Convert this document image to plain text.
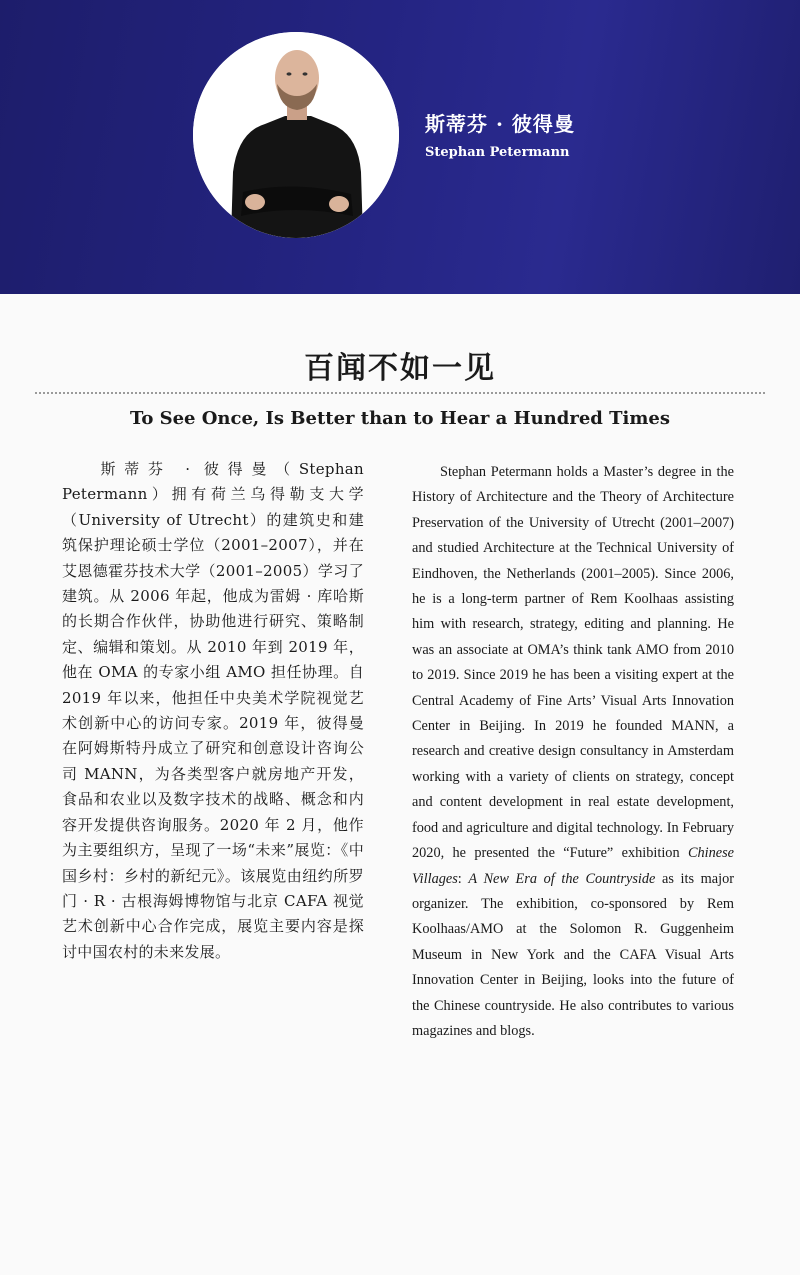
斯蒂芬 · 彼得曼
Stephan Petermann
百闻不如一见
To See Once, Is Better than to Hear a Hundred Times
斯蒂芬 · 彼得曼（Stephan Petermann）拥有荷兰乌得勒支大学（University of Utrecht）的建筑史和建筑保护理论硕士学位（2001–2007），并在艾恩德霍芬技术大学（2001–2005）学习了建筑。从 2006 年起，他成为雷姆 · 库哈斯的长期合作伙伴，协助他进行研究、策略制定、编辑和策划。从 2010 年到 2019 年，他在 OMA 的专家小组 AMO 担任协理。自 2019 年以来，他担任中央美术学院视觉艺术创新中心的访问专家。2019 年，彼得曼在阿姆斯特丹成立了研究和创意设计咨询公司 MANN，为各类型客户就房地产开发，食品和农业以及数字技术的战略、概念和内容开发提供咨询服务。2020 年 2 月，他作为主要组织方，呈现了一场“未来”展览：《中国乡村：乡村的新纪元》。该展览由纽约所罗门 · R · 古根海姆博物馆与北京 CAFA 视觉艺术创新中心合作完成，展览主要内容是探讨中国农村的未来发展。
Stephan Petermann holds a Master’s degree in the History of Architecture and the Theory of Architecture Preservation of the University of Utrecht (2001–2007) and studied Architecture at the Technical University of Eindhoven, the Netherlands (2001–2005). Since 2006, he is a long-term partner of Rem Koolhaas assisting him with research, strategy, editing and planning. He was an associate at OMA’s think tank AMO from 2010 to 2019. Since 2019 he has been a visiting expert at the Central Academy of Fine Arts’ Visual Arts Innovation Center in Beijing. In 2019 he founded MANN, a research and creative design consultancy in Amsterdam working with a variety of clients on strategy, concept and content development in real estate development, food and agriculture and digital technology. In February 2020, he presented the “Future” exhibition Chinese Villages: A New Era of the Countryside as its major organizer. The exhibition, co-sponsored by Rem Koolhaas/AMO at the Solomon R. Guggenheim Museum in New York and the CAFA Visual Arts Innovation Center in Beijing, looks into the future of the Chinese countryside. He also contributes to various magazines and blogs.
